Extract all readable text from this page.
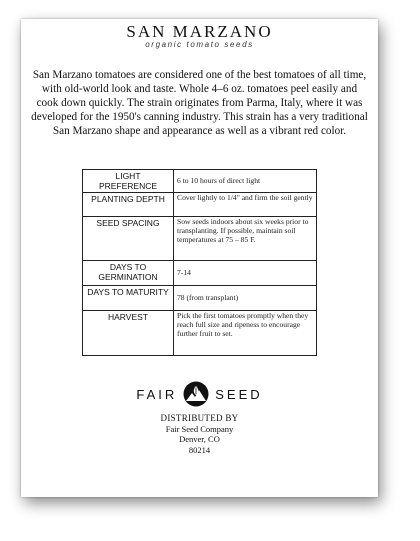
SAN MARZANO
organic tomato seeds
San Marzano tomatoes are considered one of the best tomatoes of all time, with old-world look and taste. Whole 4–6 oz. tomatoes peel easily and cook down quickly. The strain originates from Parma, Italy, where it was developed for the 1950's canning industry. This strain has a very traditional San Marzano shape and appearance as well as a vibrant red color.
LIGHT PREFERENCE	6 to 10 hours of direct light
PLANTING DEPTH	Cover lightly to 1/4" and firm the soil gently
SEED SPACING	Sow seeds indoors about six weeks prior to transplanting. If possible, maintain soil temperatures at 75 – 85 F.
DAYS TO GERMINATION	7-14
DAYS TO MATURITY	78 (from transplant)
HARVEST	Pick the first tomatoes promptly when they reach full size and ripeness to encourage further fruit to set.
FAIR	SEED
DISTRIBUTED BY
Fair Seed Company
Denver, CO
80214
